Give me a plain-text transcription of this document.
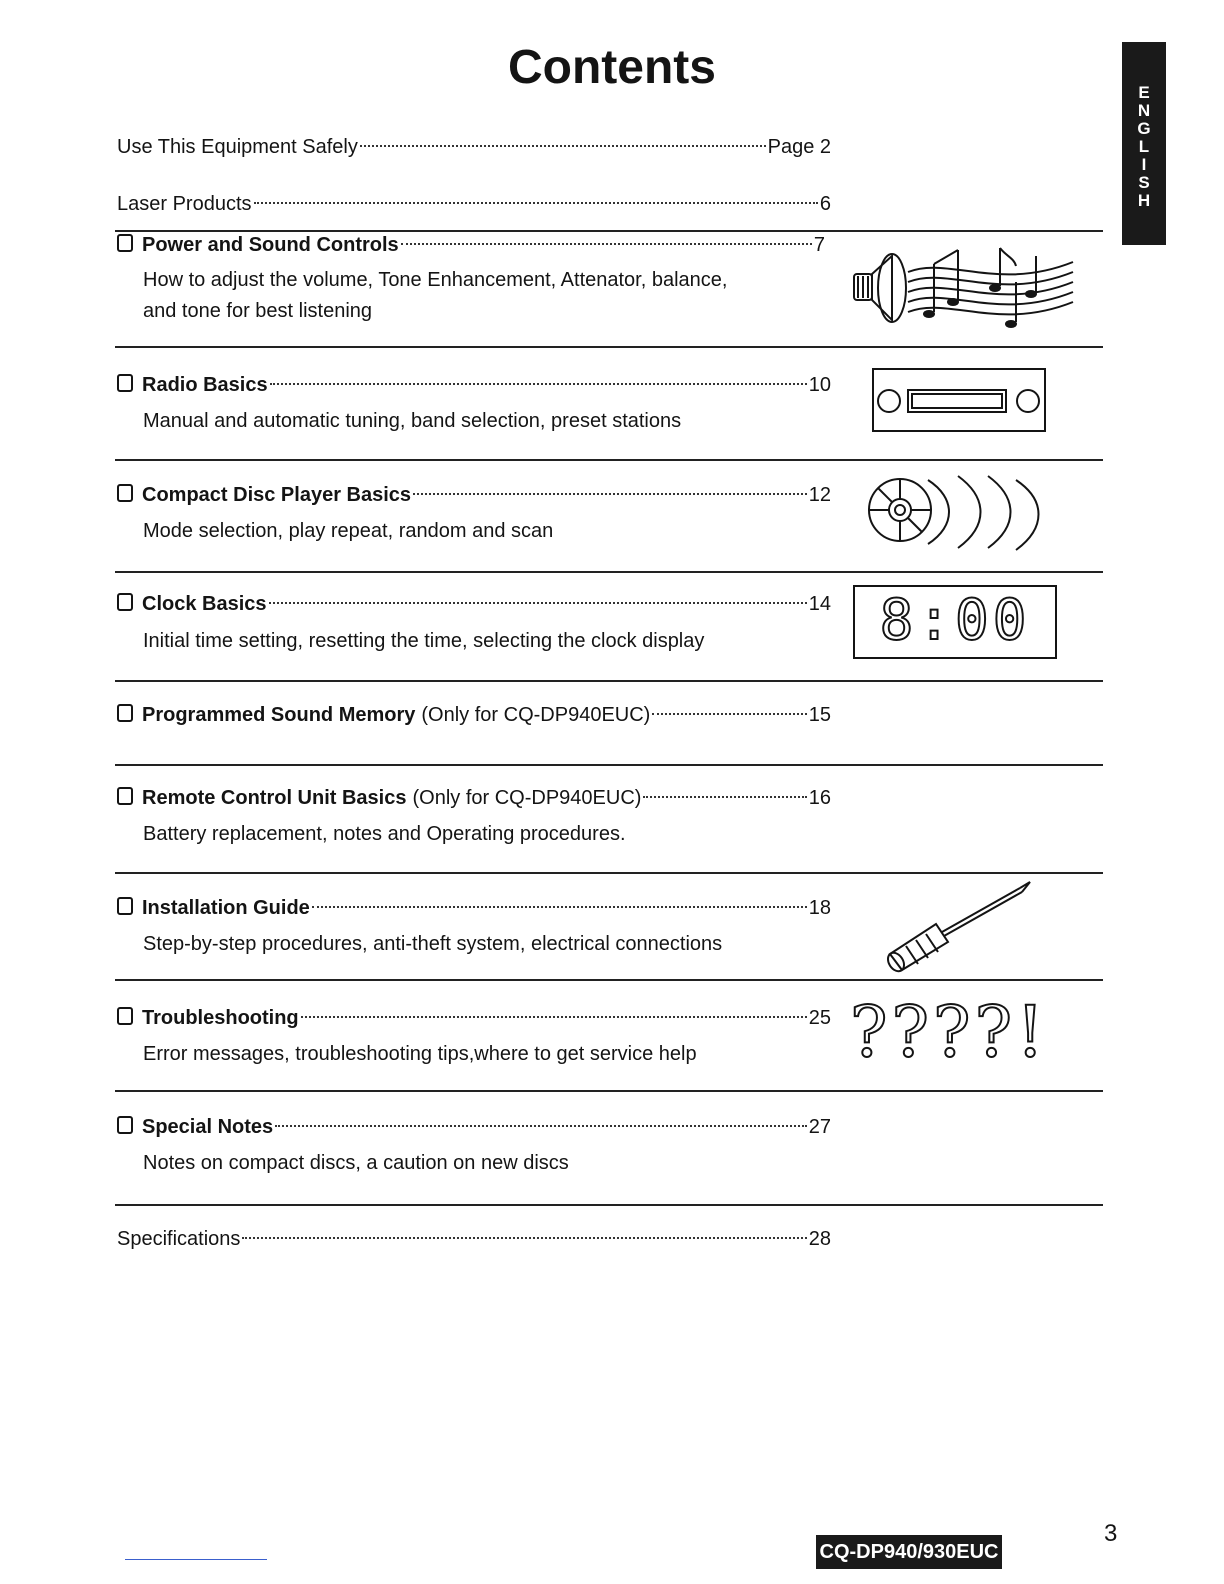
Contents	E
N
G
L
I
S
H
Use This Equipment Safely	Page 2
Laser Products	6
Power and Sound Controls	7
How to adjust the volume, Tone Enhancement, Attenator, balance,
and tone for best listening
Radio Basics	10
Manual and automatic tuning, band selection, preset stations
Compact Disc Player Basics	12
Mode selection, play repeat, random and scan
Clock Basics	14
Initial time setting, resetting the time, selecting the clock display	8:00
Programmed Sound Memory (Only for CQ-DP940EUC)	15
Remote Control Unit Basics (Only for CQ-DP940EUC)	16
Battery replacement, notes and Operating procedures.
Installation Guide	18
Step-by-step procedures, anti-theft system, electrical connections
Troubleshooting	25
Error messages, troubleshooting tips,where to get service help ????!
Special Notes	27
Notes on compact discs, a caution on new discs
Specifications	28
CQ-DP940/930EUC
3
